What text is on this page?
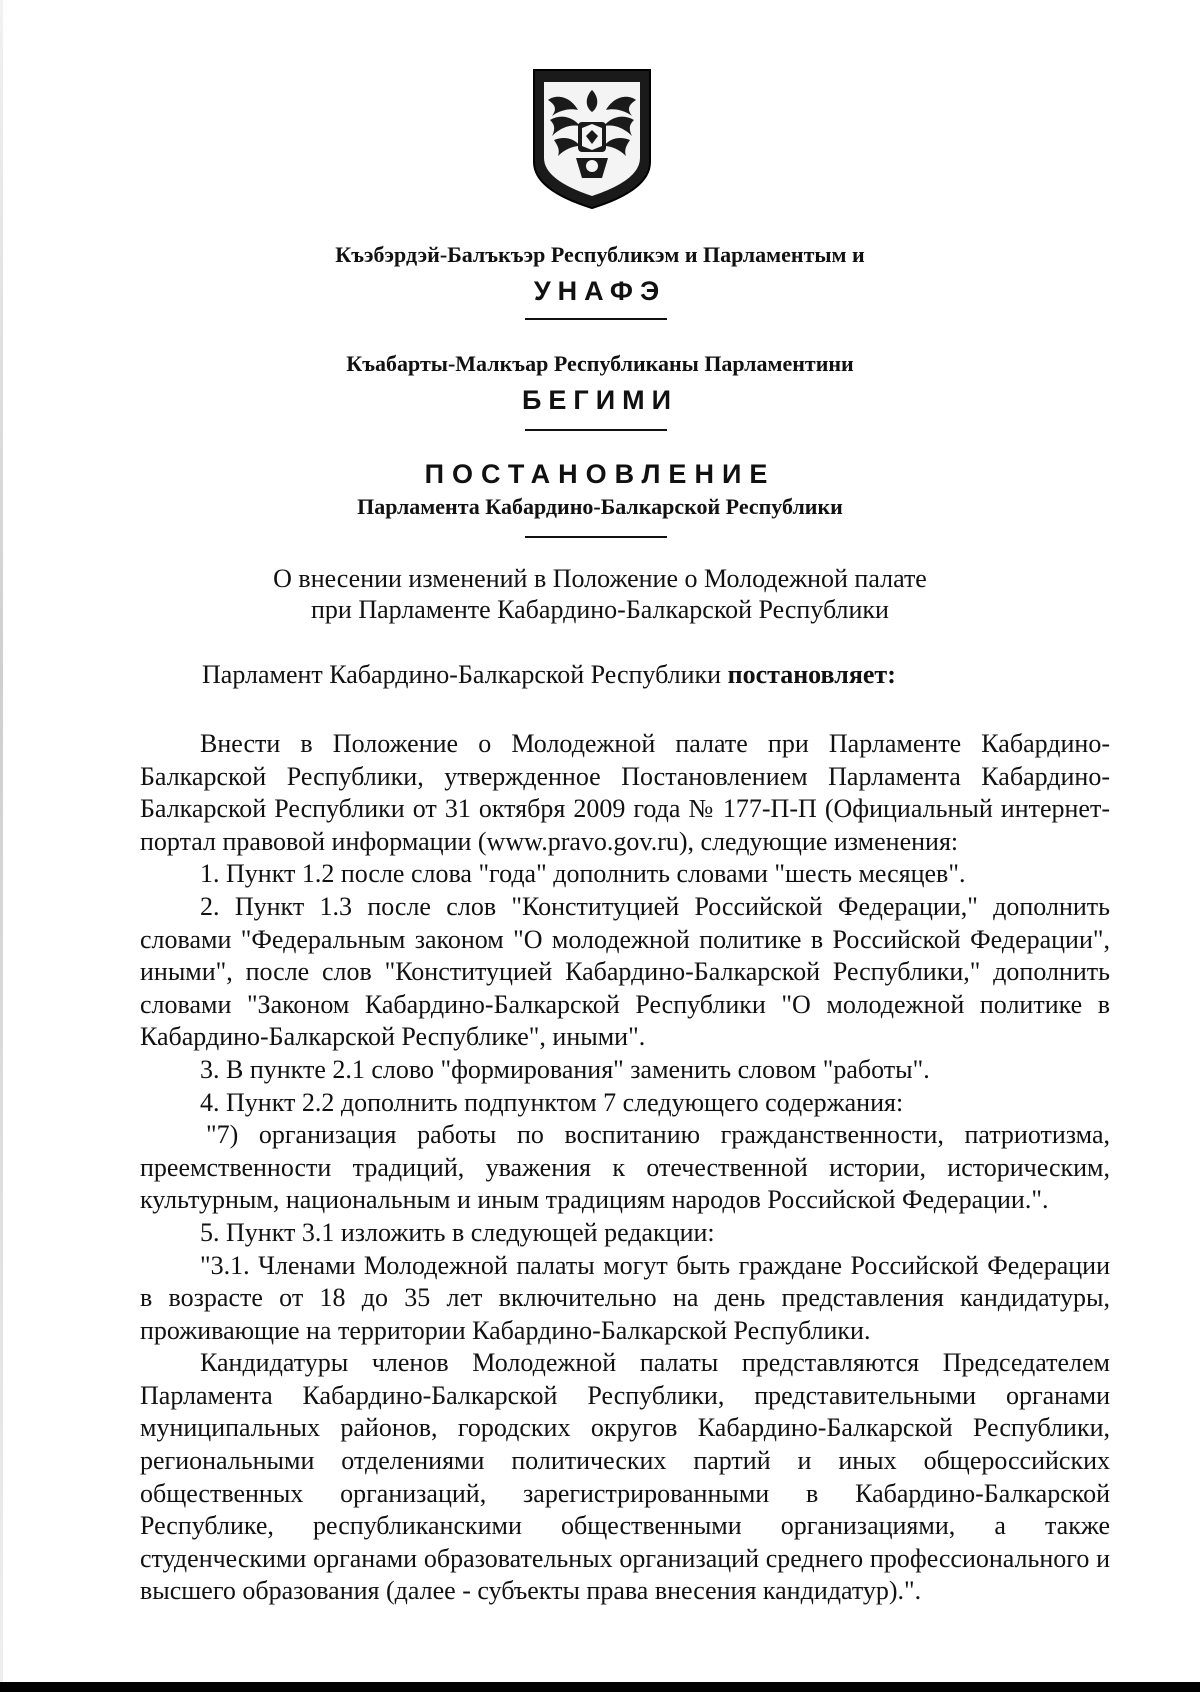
Къэбэрдэй-Балъкъэр Республикэм и Парламентым и

УНАФЭ

Къабарты-Малкъар Республиканы Парламентини

БЕГИМИ

ПОСТАНОВЛЕНИЕ

Парламента Кабардино-Балкарской Республики

О внесении изменений в Положение о Молодежной палате
при Парламенте Кабардино-Балкарской Республики

Парламент Кабардино-Балкарской Республики постановляет:

Внести в Положение о Молодежной палате при Парламенте Кабардино-Балкарской Республики, утвержденное Постановлением Парламента Кабардино-Балкарской Республики от 31 октября 2009 года № 177-П-П (Официальный интернет-портал правовой информации (www.pravo.gov.ru), следующие изменения:

1. Пункт 1.2 после слова "года" дополнить словами "шесть месяцев".

2. Пункт 1.3 после слов "Конституцией Российской Федерации," дополнить словами "Федеральным законом "О молодежной политике в Российской Федерации", иными", после слов "Конституцией Кабардино-Балкарской Республики," дополнить словами "Законом Кабардино-Балкарской Республики "О молодежной политике в Кабардино-Балкарской Республике", иными".

3. В пункте 2.1 слово "формирования" заменить словом "работы".

4. Пункт 2.2 дополнить подпунктом 7 следующего содержания:

"7) организация работы по воспитанию гражданственности, патриотизма, преемственности традиций, уважения к отечественной истории, историческим, культурным, национальным и иным традициям народов Российской Федерации.".

5. Пункт 3.1 изложить в следующей редакции:

"3.1. Членами Молодежной палаты могут быть граждане Российской Федерации в возрасте от 18 до 35 лет включительно на день представления кандидатуры, проживающие на территории Кабардино-Балкарской Республики.

Кандидатуры членов Молодежной палаты представляются Председателем Парламента Кабардино-Балкарской Республики, представительными органами муниципальных районов, городских округов Кабардино-Балкарской Республики, региональными отделениями политических партий и иных общероссийских общественных организаций, зарегистрированными в Кабардино-Балкарской Республике, республиканскими общественными организациями, а также студенческими органами образовательных организаций среднего профессионального и высшего образования (далее - субъекты права внесения кандидатур).".
